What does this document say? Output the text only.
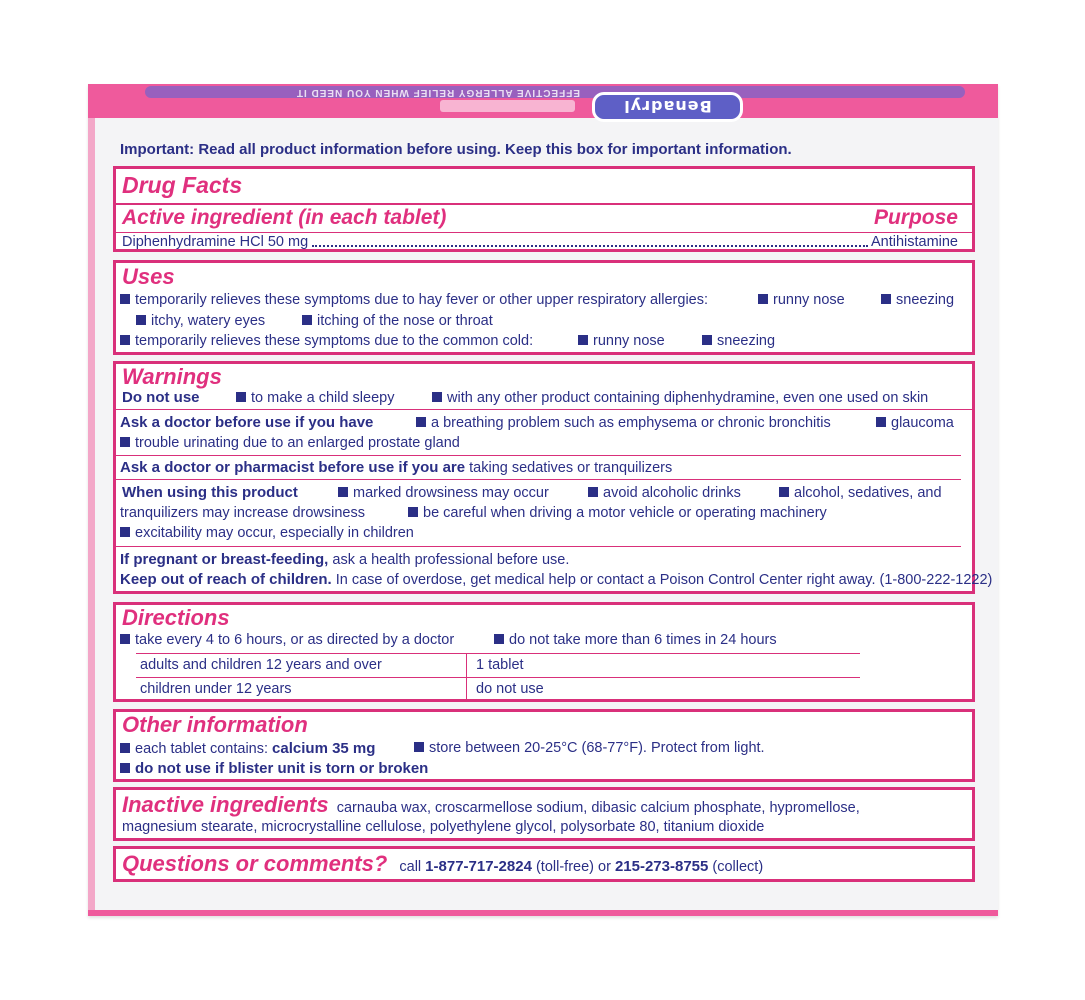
EFFECTIVE ALLERGY RELIEF WHEN YOU NEED IT
Benadryl
Important: Read all product information before using. Keep this box for important information.
Drug Facts
Active ingredient (in each tablet)	Purpose
Diphenhydramine HCl 50 mg	Antihistamine
Uses
temporarily relieves these symptoms due to hay fever or other upper respiratory allergies:	runny nose	sneezing
itchy, watery eyes	itching of the nose or throat
temporarily relieves these symptoms due to the common cold:	runny nose	sneezing
Warnings
Do not use	to make a child sleepy	with any other product containing diphenhydramine, even one used on skin
Ask a doctor before use if you have	a breathing problem such as emphysema or chronic bronchitis	glaucoma
trouble urinating due to an enlarged prostate gland
Ask a doctor or pharmacist before use if you are taking sedatives or tranquilizers
When using this product	marked drowsiness may occur	avoid alcoholic drinks	alcohol, sedatives, and
tranquilizers may increase drowsiness	be careful when driving a motor vehicle or operating machinery
excitability may occur, especially in children
If pregnant or breast-feeding, ask a health professional before use.
Keep out of reach of children. In case of overdose, get medical help or contact a Poison Control Center right away. (1-800-222-1222)
Directions
take every 4 to 6 hours, or as directed by a doctor	do not take more than 6 times in 24 hours
adults and children 12 years and over	1 tablet
children under 12 years	do not use
Other information
each tablet contains: calcium 35 mg	store between 20-25°C (68-77°F). Protect from light.
do not use if blister unit is torn or broken
Inactive ingredients carnauba wax, croscarmellose sodium, dibasic calcium phosphate, hypromellose,
magnesium stearate, microcrystalline cellulose, polyethylene glycol, polysorbate 80, titanium dioxide
Questions or comments? call 1-877-717-2824 (toll-free) or 215-273-8755 (collect)
